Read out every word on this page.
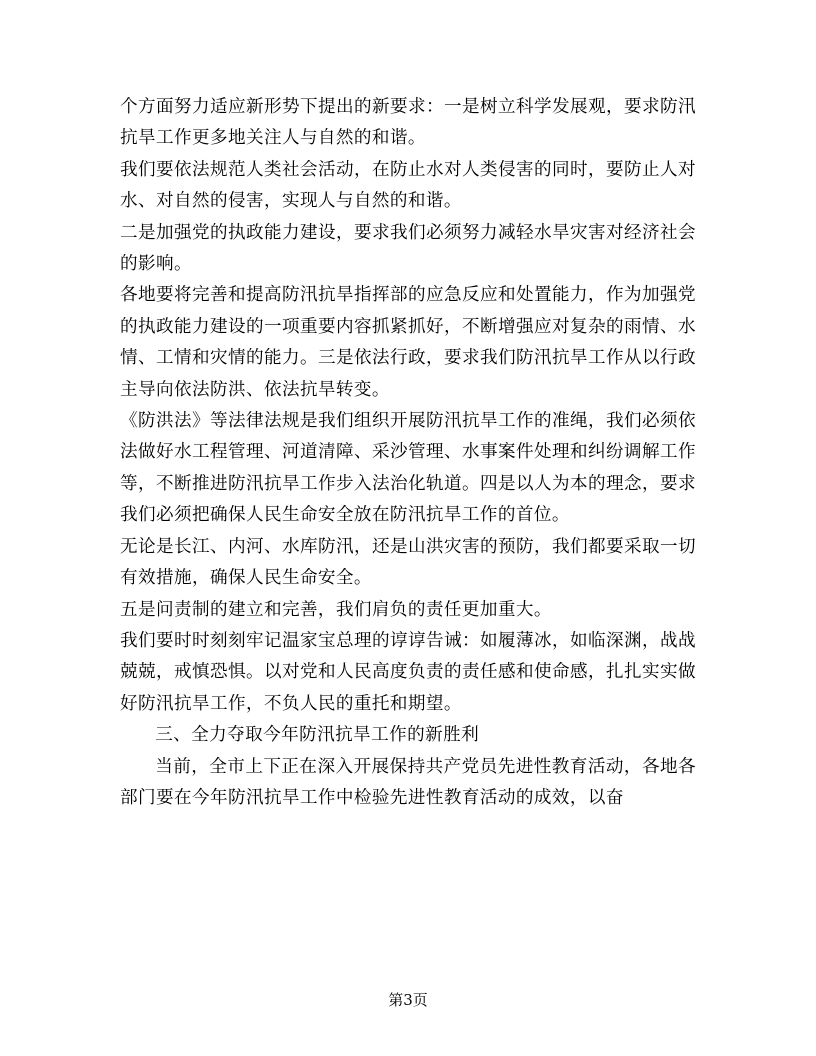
个方面努力适应新形势下提出的新要求：一是树立科学发展观，要求防汛抗旱工作更多地关注人与自然的和谐。

我们要依法规范人类社会活动，在防止水对人类侵害的同时，要防止人对水、对自然的侵害，实现人与自然的和谐。

二是加强党的执政能力建设，要求我们必须努力减轻水旱灾害对经济社会的影响。

各地要将完善和提高防汛抗旱指挥部的应急反应和处置能力，作为加强党的执政能力建设的一项重要内容抓紧抓好，不断增强应对复杂的雨情、水情、工情和灾情的能力。三是依法行政，要求我们防汛抗旱工作从以行政主导向依法防洪、依法抗旱转变。

《防洪法》等法律法规是我们组织开展防汛抗旱工作的准绳，我们必须依法做好水工程管理、河道清障、采沙管理、水事案件处理和纠纷调解工作等，不断推进防汛抗旱工作步入法治化轨道。四是以人为本的理念，要求我们必须把确保人民生命安全放在防汛抗旱工作的首位。

无论是长江、内河、水库防汛，还是山洪灾害的预防，我们都要采取一切有效措施，确保人民生命安全。

五是问责制的建立和完善，我们肩负的责任更加重大。

我们要时时刻刻牢记温家宝总理的谆谆告诫：如履薄冰，如临深渊，战战兢兢，戒慎恐惧。以对党和人民高度负责的责任感和使命感，扎扎实实做好防汛抗旱工作，不负人民的重托和期望。

三、全力夺取今年防汛抗旱工作的新胜利

当前，全市上下正在深入开展保持共产党员先进性教育活动，各地各部门要在今年防汛抗旱工作中检验先进性教育活动的成效，以奋

第3页
